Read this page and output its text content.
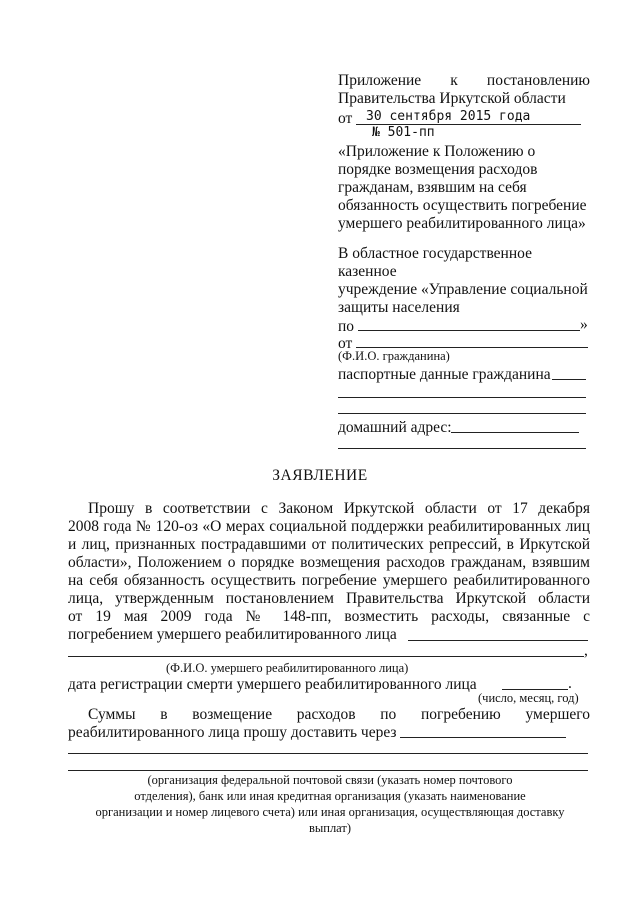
Приложение к постановлению
Правительства Иркутской области
от 30 сентября 2015 года
№ 501-пп
«Приложение к Положению о
порядке возмещения расходов
гражданам, взявшим на себя
обязанность осуществить погребение
умершего реабилитированного лица»
В областное государственное
казенное
учреждение «Управление социальной
защиты населения
по	»
от
(Ф.И.О. гражданина)
паспортные данные гражданина
домашний адрес:
ЗАЯВЛЕНИЕ
Прошу в соответствии с Законом Иркутской области от 17 декабря
2008 года № 120-оз «О мерах социальной поддержки реабилитированных лиц
и лиц, признанных пострадавшими от политических репрессий, в Иркутской
области», Положением о порядке возмещения расходов гражданам, взявшим
на себя обязанность осуществить погребение умершего реабилитированного
лица, утвержденным постановлением Правительства Иркутской области
от 19 мая 2009 года № 148-пп, возместить расходы, связанные с
погребением умершего реабилитированного лица
,
(Ф.И.О. умершего реабилитированного лица)
дата регистрации смерти умершего реабилитированного лица	.
(число, месяц, год)
Суммы в возмещение расходов по погребению умершего
реабилитированного лица прошу доставить через
(организация федеральной почтовой связи (указать номер почтового
отделения), банк или иная кредитная организация (указать наименование
организации и номер лицевого счета) или иная организация, осуществляющая доставку
выплат)
